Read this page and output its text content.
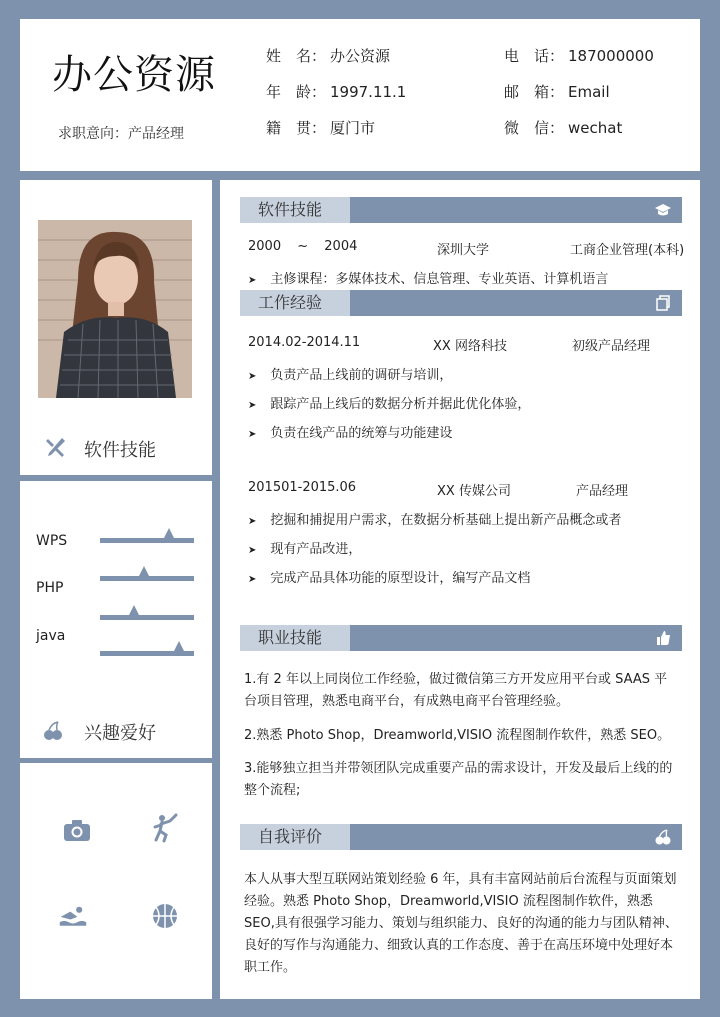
办公资源
求职意向：产品经理
姓　名： 办公资源
年　龄： 1997.11.1
籍　贯： 厦门市
电　话： 187000000
邮　箱： Email
微　信： wechat
软件技能
WPS
PHP
java
兴趣爱好
软件技能
2000 ~ 2004	深圳大学	工商企业管理(本科)
➤ 主修课程：多媒体技术、信息管理、专业英语、计算机语言
工作经验
2014.02-2014.11	XX 网络科技	初级产品经理
➤ 负责产品上线前的调研与培训，
➤ 跟踪产品上线后的数据分析并据此优化体验，
➤ 负责在线产品的统筹与功能建设
201501-2015.06	XX 传媒公司	产品经理
➤ 挖掘和捕捉用户需求，在数据分析基础上提出新产品概念或者
➤ 现有产品改进，
➤ 完成产品具体功能的原型设计，编写产品文档
职业技能

1.有 2 年以上同岗位工作经验，做过微信第三方开发应用平台或 SAAS 平台项目管理，熟悉电商平台，有成熟电商平台管理经验。

2.熟悉 Photo Shop，Dreamworld,VISIO 流程图制作软件，熟悉 SEO。

3.能够独立担当并带领团队完成重要产品的需求设计，开发及最后上线的的整个流程;

自我评价

本人从事大型互联网站策划经验 6 年，具有丰富网站前后台流程与页面策划经验。熟悉 Photo Shop，Dreamworld,VISIO 流程图制作软件，熟悉 SEO,具有很强学习能力、策划与组织能力、良好的沟通的能力与团队精神、良好的写作与沟通能力、细致认真的工作态度、善于在高压环境中处理好本职工作。
